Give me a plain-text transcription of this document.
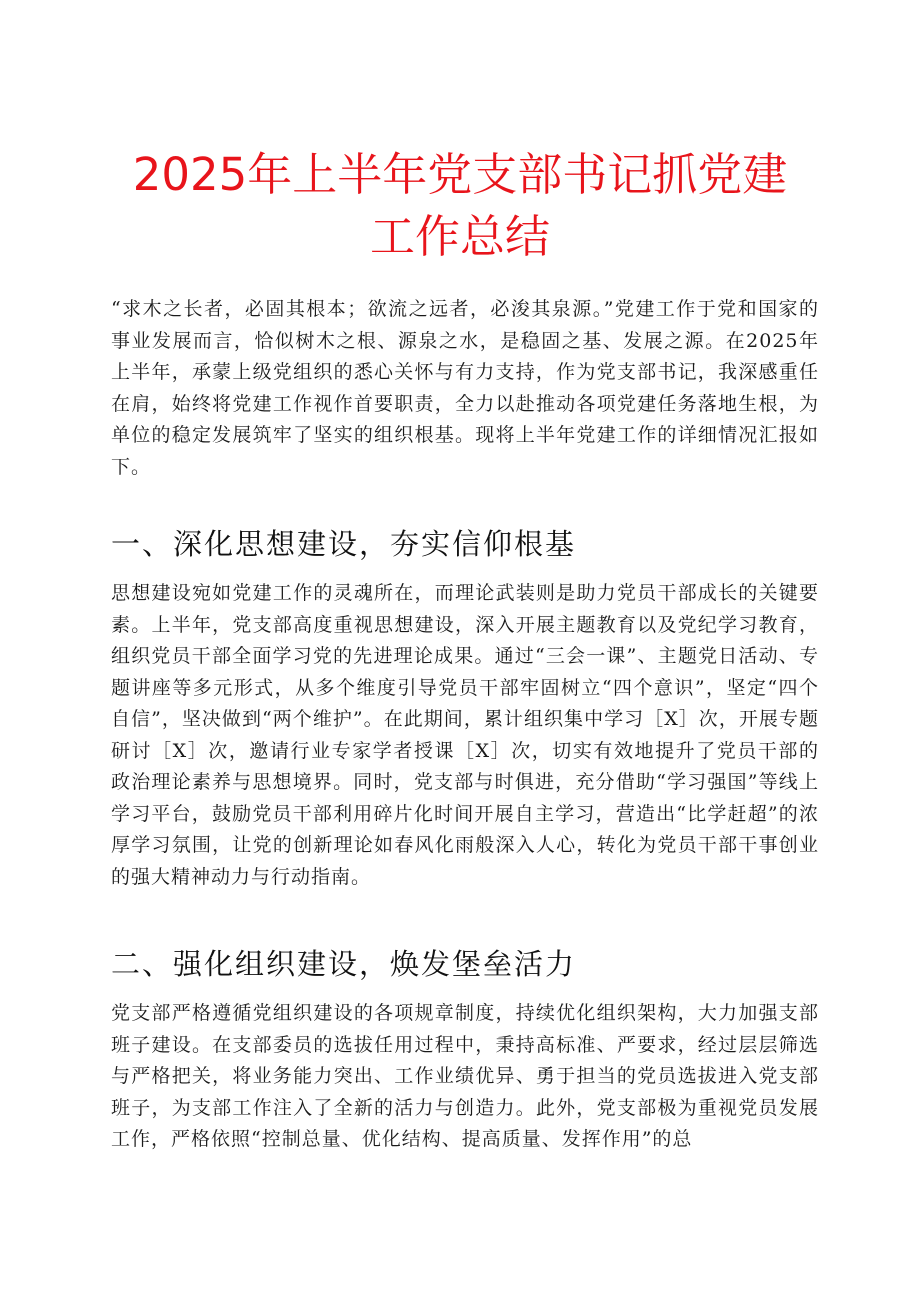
2025年上半年党支部书记抓党建
工作总结

“求木之长者，必固其根本；欲流之远者，必浚其泉源。”党建工作于党和国家的事业发展而言，恰似树木之根、源泉之水，是稳固之基、发展之源。在2025年上半年，承蒙上级党组织的悉心关怀与有力支持，作为党支部书记，我深感重任在肩，始终将党建工作视作首要职责，全力以赴推动各项党建任务落地生根，为单位的稳定发展筑牢了坚实的组织根基。现将上半年党建工作的详细情况汇报如下。

一、深化思想建设，夯实信仰根基

思想建设宛如党建工作的灵魂所在，而理论武装则是助力党员干部成长的关键要素。上半年，党支部高度重视思想建设，深入开展主题教育以及党纪学习教育，组织党员干部全面学习党的先进理论成果。通过“三会一课”、主题党日活动、专题讲座等多元形式，从多个维度引导党员干部牢固树立“四个意识”，坚定“四个自信”，坚决做到“两个维护”。在此期间，累计组织集中学习［X］次，开展专题研讨［X］次，邀请行业专家学者授课［X］次，切实有效地提升了党员干部的政治理论素养与思想境界。同时，党支部与时俱进，充分借助“学习强国”等线上学习平台，鼓励党员干部利用碎片化时间开展自主学习，营造出“比学赶超”的浓厚学习氛围，让党的创新理论如春风化雨般深入人心，转化为党员干部干事创业的强大精神动力与行动指南。

二、强化组织建设，焕发堡垒活力

党支部严格遵循党组织建设的各项规章制度，持续优化组织架构，大力加强支部班子建设。在支部委员的选拔任用过程中，秉持高标准、严要求，经过层层筛选与严格把关，将业务能力突出、工作业绩优异、勇于担当的党员选拔进入党支部班子，为支部工作注入了全新的活力与创造力。此外，党支部极为重视党员发展工作，严格依照“控制总量、优化结构、提高质量、发挥作用”的总
